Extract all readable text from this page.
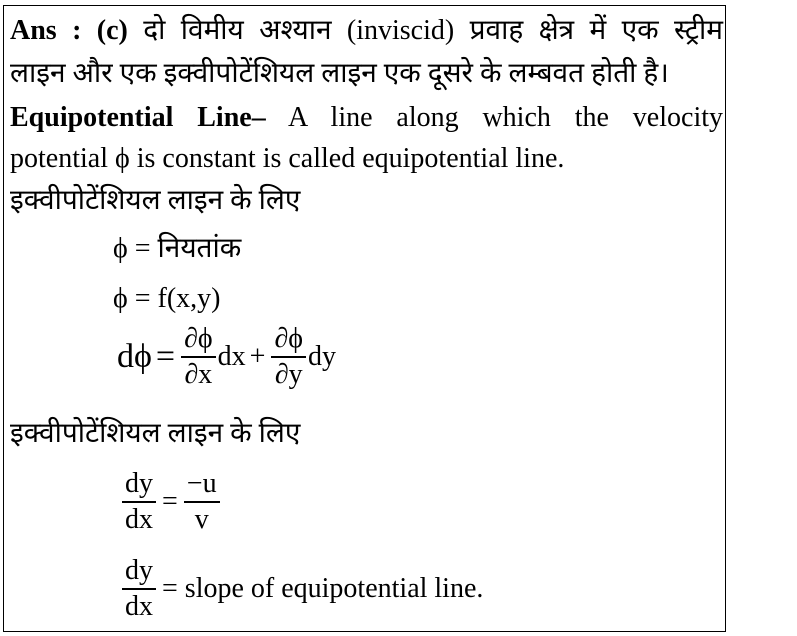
Ans : (c) दो विमीय अश्यान (inviscid) प्रवाह क्षेत्र में एक स्ट्रीम
लाइन और एक इक्वीपोटेंशियल लाइन एक दूसरे के लम्बवत होती है।
Equipotential Line– A line along which the velocity
potential ϕ is constant is called equipotential line.
इक्वीपोटेंशियल लाइन के लिए
ϕ = नियतांक
ϕ = f(x,y)
$d\phi = \frac{\partial\phi}{\partial x}$ dx + $\frac{\partial\phi}{\partial y}$ dy
इक्वीपोटेंशियल लाइन के लिए
$\frac{dy}{dx} = \frac{-u}{v}$
$\frac{dy}{dx}$ = slope of equipotential line.
